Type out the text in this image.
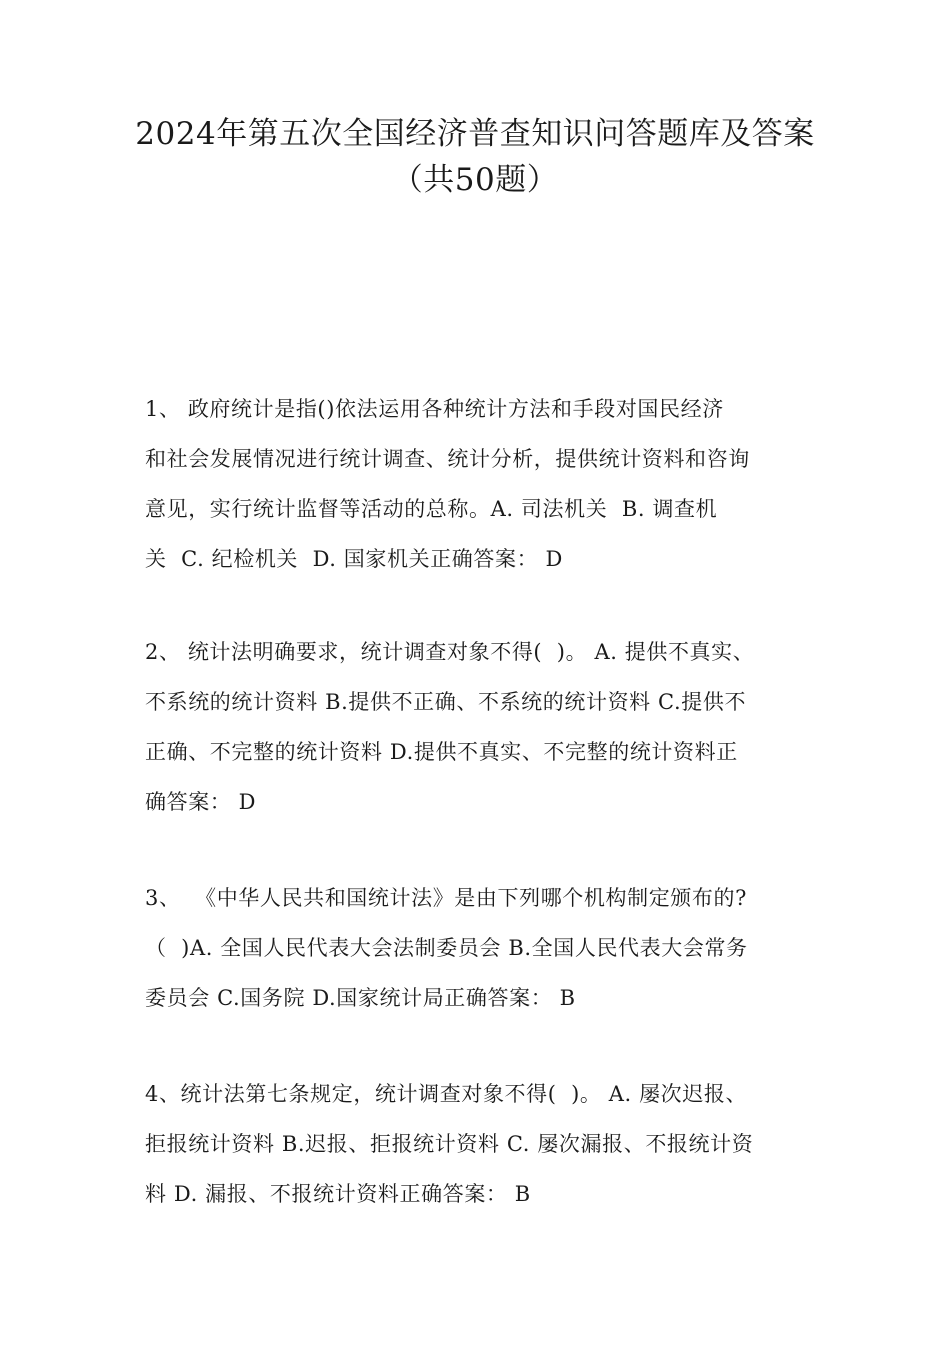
2024年第五次全国经济普查知识问答题库及答案
（共50题）
1、 政府统计是指()依法运用各种统计方法和手段对国民经济
和社会发展情况进行统计调查、统计分析，提供统计资料和咨询
意见，实行统计监督等活动的总称。A. 司法机关  B. 调查机
关  C. 纪检机关  D. 国家机关正确答案： D
2、 统计法明确要求，统计调查对象不得(  )。 A. 提供不真实、
不系统的统计资料 B.提供不正确、不系统的统计资料 C.提供不
正确、不完整的统计资料 D.提供不真实、不完整的统计资料正
确答案： D
3、  《中华人民共和国统计法》是由下列哪个机构制定颁布的?
（  )A. 全国人民代表大会法制委员会 B.全国人民代表大会常务
委员会 C.国务院 D.国家统计局正确答案： B
4、统计法第七条规定，统计调查对象不得(  )。 A. 屡次迟报、
拒报统计资料 B.迟报、拒报统计资料 C. 屡次漏报、不报统计资
料 D. 漏报、不报统计资料正确答案： B
